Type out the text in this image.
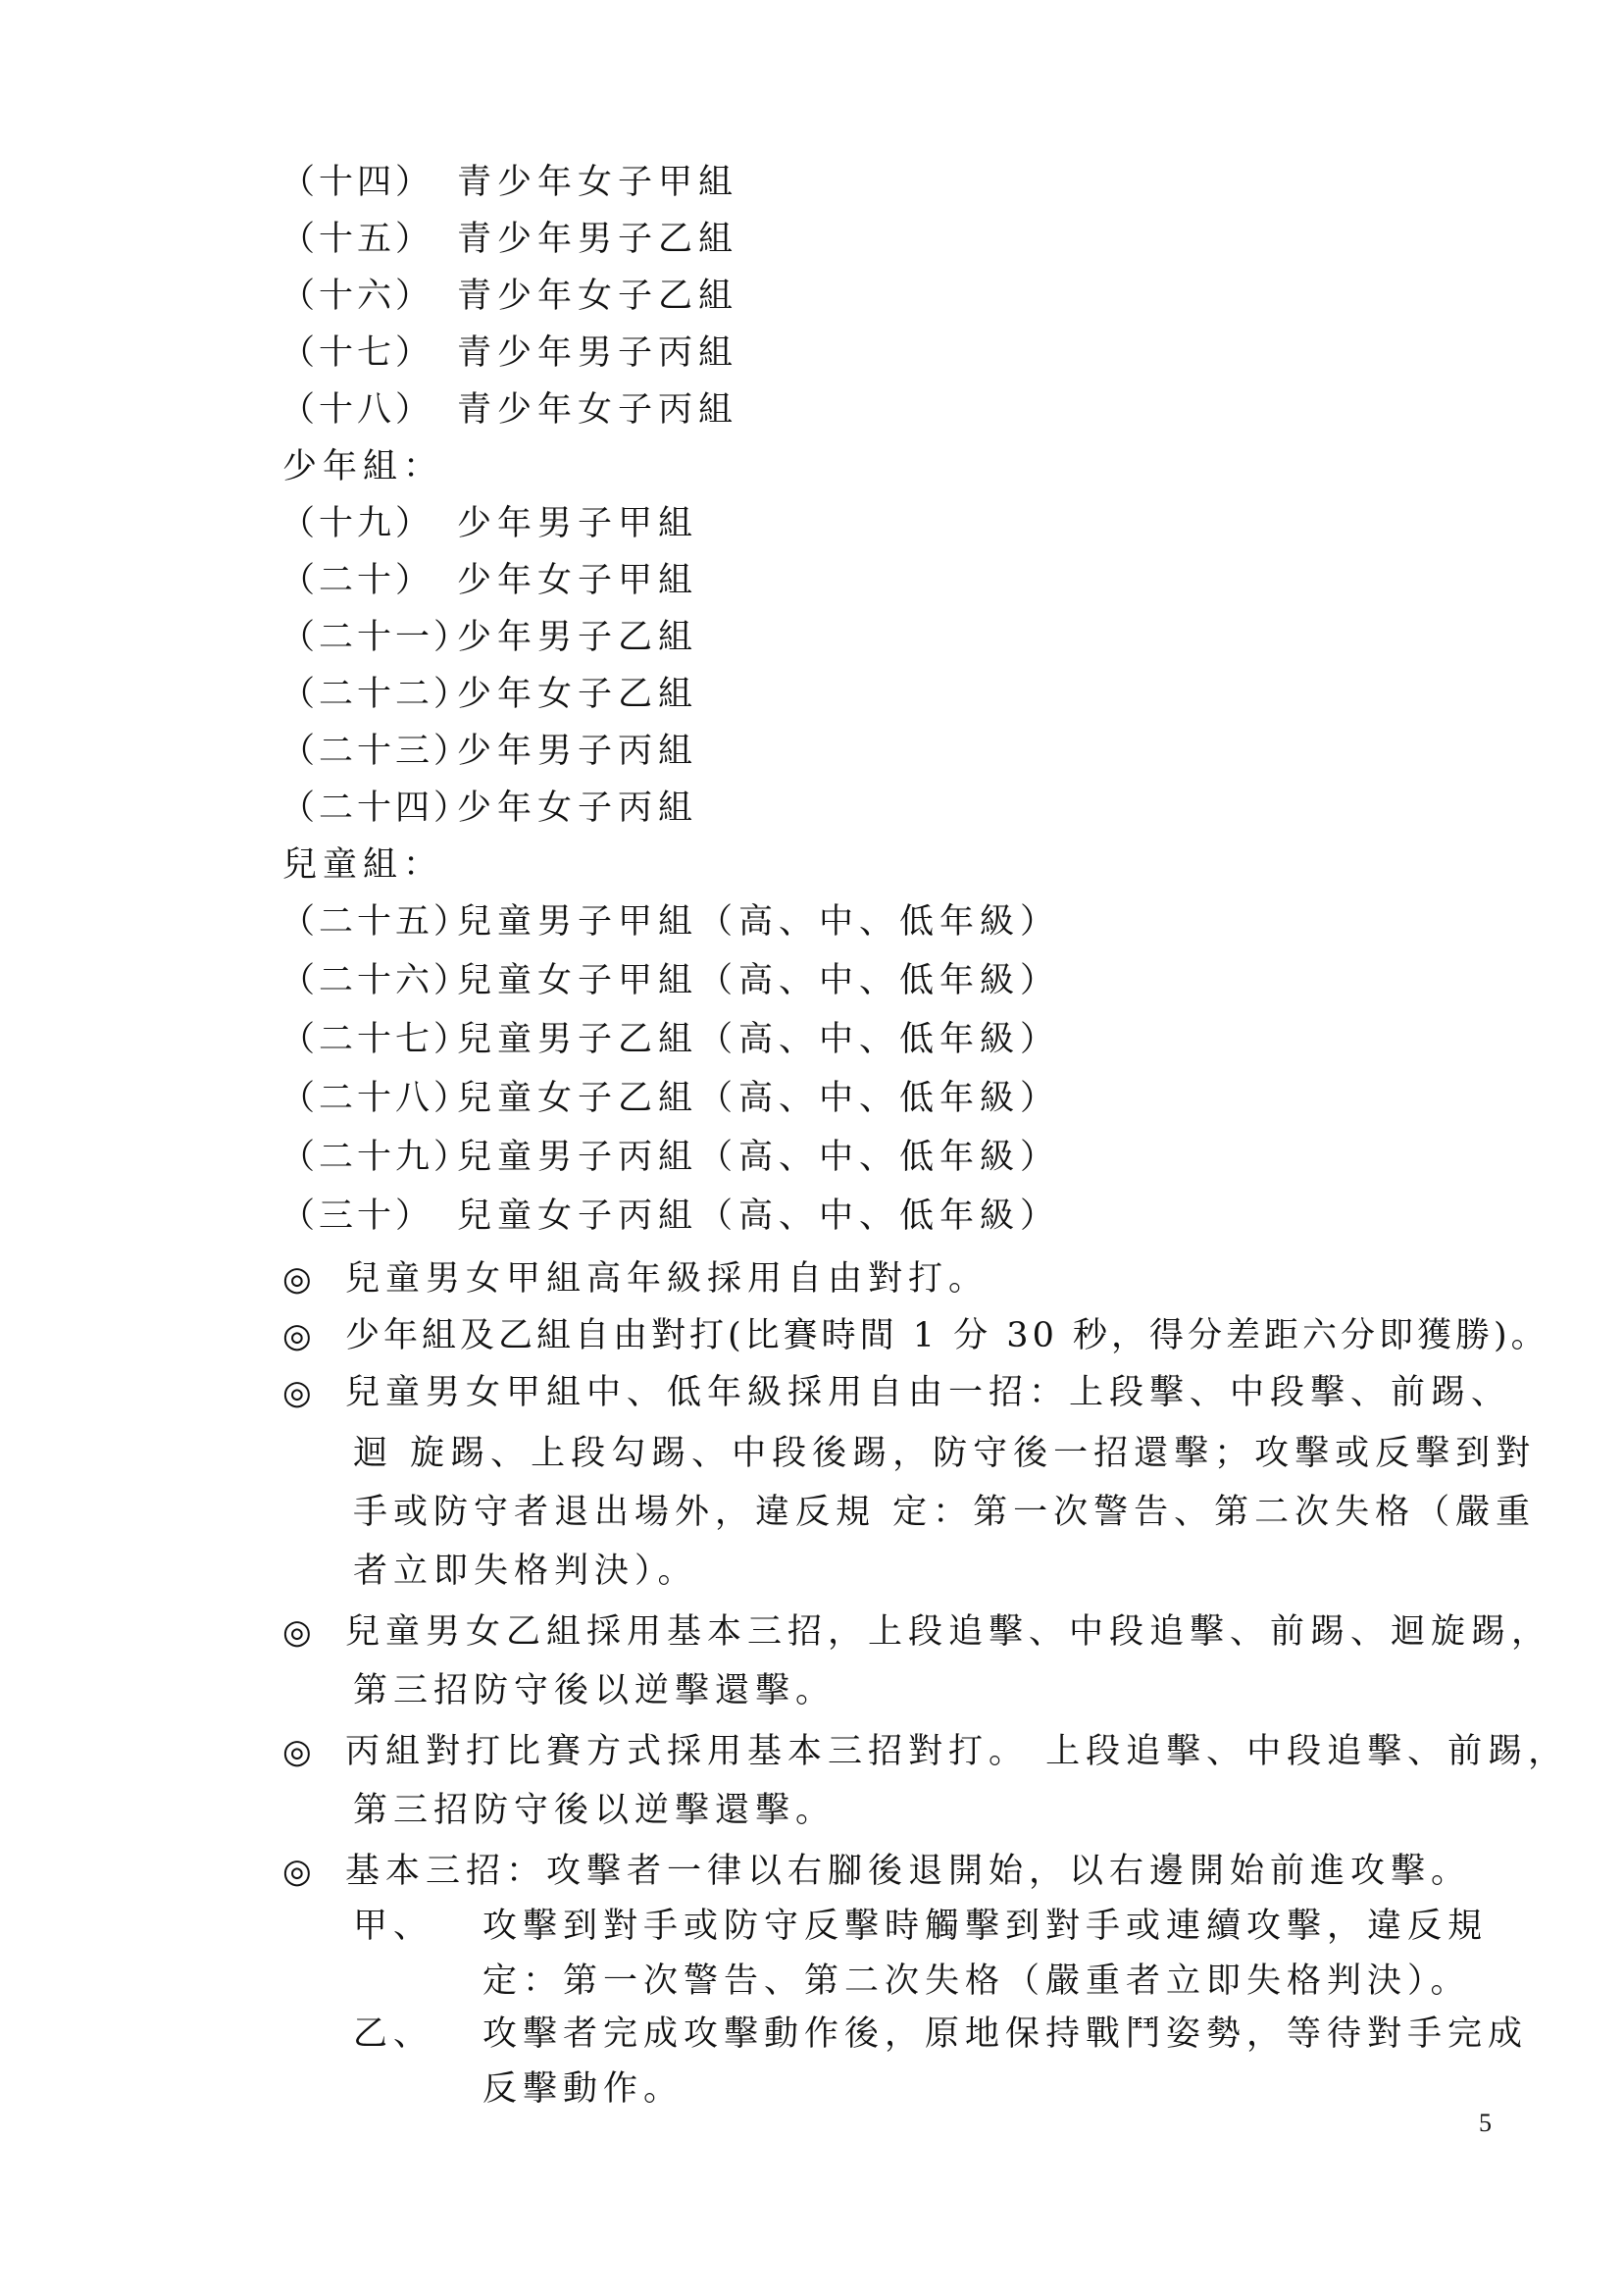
（十四） 青少年女子甲組
（十五） 青少年男子乙組
（十六） 青少年女子乙組
（十七） 青少年男子丙組
（十八） 青少年女子丙組
少年組：
（十九） 少年男子甲組
（二十） 少年女子甲組
（二十一）
少年男子乙組
（二十二）
少年女子乙組
（二十三）
少年男子丙組
（二十四）
少年女子丙組
兒童組：
（二十五）
兒童男子甲組（高、中、低年級）
（二十六）
兒童女子甲組（高、中、低年級）
（二十七）
兒童男子乙組（高、中、低年級）
（二十八）
兒童女子乙組（高、中、低年級）
（二十九）
兒童男子丙組（高、中、低年級）
（三十） 兒童女子丙組（高、中、低年級）
◎ 兒童男女甲組高年級採用自由對打。
◎ 少年組及乙組自由對打(比賽時間 1 分 30 秒，得分差距六分即獲勝)。
◎ 兒童男女甲組中、低年級採用自由一招：上段擊、中段擊、前踢、
迴 旋踢、上段勾踢、中段後踢，防守後一招還擊；攻擊或反擊到對
手或防守者退出場外，違反規 定：第一次警告、第二次失格（嚴重
者立即失格判決）。
◎ 兒童男女乙組採用基本三招，上段追擊、中段追擊、前踢、迴旋踢，
第三招防守後以逆擊還擊。
◎ 丙組對打比賽方式採用基本三招對打。 上段追擊、中段追擊、前踢，
第三招防守後以逆擊還擊。
◎ 基本三招：攻擊者一律以右腳後退開始，以右邊開始前進攻擊。
甲、 攻擊到對手或防守反擊時觸擊到對手或連續攻擊，違反規
定：第一次警告、第二次失格（嚴重者立即失格判決）。
乙、 攻擊者完成攻擊動作後，原地保持戰鬥姿勢，等待對手完成
反擊動作。
5
